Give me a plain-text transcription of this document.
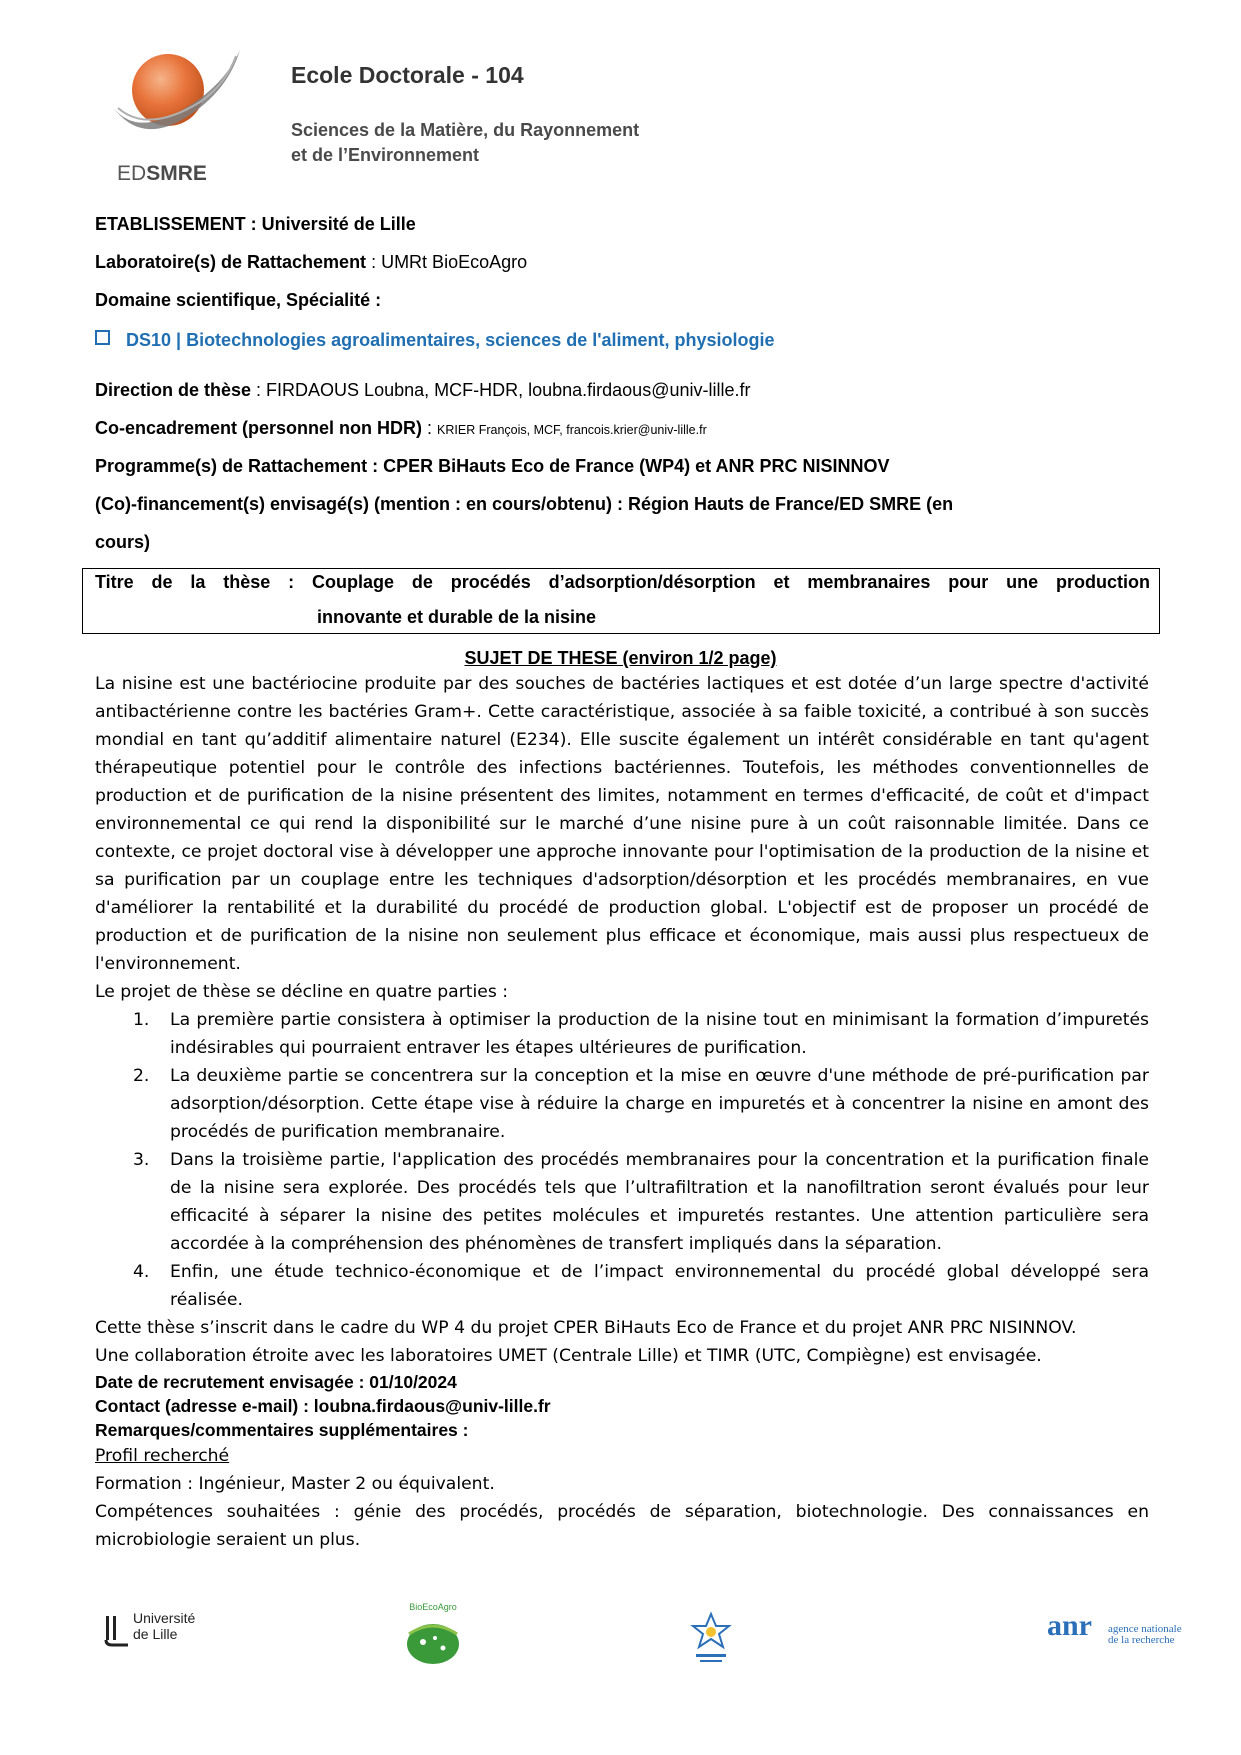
Ecole Doctorale - 104
Sciences de la Matière, du Rayonnement
et de l’Environnement
EDSMRE
ETABLISSEMENT : Université de Lille
Laboratoire(s) de Rattachement : UMRt BioEcoAgro
Domaine scientifique, Spécialité :
DS10 | Biotechnologies agroalimentaires, sciences de l'aliment, physiologie
Direction de thèse : FIRDAOUS Loubna, MCF-HDR, loubna.firdaous@univ-lille.fr
Co-encadrement (personnel non HDR) : KRIER François, MCF, francois.krier@univ-lille.fr
Programme(s) de Rattachement : CPER BiHauts Eco de France (WP4) et ANR PRC NISINNOV
(Co)-financement(s) envisagé(s) (mention : en cours/obtenu) : Région Hauts de France/ED SMRE (en
cours)
Titre de la thèse : Couplage de procédés d’adsorption/désorption et membranaires pour une production
innovante et durable de la nisine
SUJET DE THESE (environ 1/2 page)

La nisine est une bactériocine produite par des souches de bactéries lactiques et est dotée d’un large spectre d'activité antibactérienne contre les bactéries Gram+. Cette caractéristique, associée à sa faible toxicité, a contribué à son succès mondial en tant qu’additif alimentaire naturel (E234). Elle suscite également un intérêt considérable en tant qu'agent thérapeutique potentiel pour le contrôle des infections bactériennes. Toutefois, les méthodes conventionnelles de production et de purification de la nisine présentent des limites, notamment en termes d'efficacité, de coût et d'impact environnemental ce qui rend la disponibilité sur le marché d’une nisine pure à un coût raisonnable limitée. Dans ce contexte, ce projet doctoral vise à développer une approche innovante pour l'optimisation de la production de la nisine et sa purification par un couplage entre les techniques d'adsorption/désorption et les procédés membranaires, en vue d'améliorer la rentabilité et la durabilité du procédé de production global. L'objectif est de proposer un procédé de production et de purification de la nisine non seulement plus efficace et économique, mais aussi plus respectueux de l'environnement.

Le projet de thèse se décline en quatre parties :

1. La première partie consistera à optimiser la production de la nisine tout en minimisant la formation d’impuretés indésirables qui pourraient entraver les étapes ultérieures de purification.
2. La deuxième partie se concentrera sur la conception et la mise en œuvre d'une méthode de pré-purification par adsorption/désorption. Cette étape vise à réduire la charge en impuretés et à concentrer la nisine en amont des procédés de purification membranaire.
3. Dans la troisième partie, l'application des procédés membranaires pour la concentration et la purification finale de la nisine sera explorée. Des procédés tels que l’ultrafiltration et la nanofiltration seront évalués pour leur efficacité à séparer la nisine des petites molécules et impuretés restantes. Une attention particulière sera accordée à la compréhension des phénomènes de transfert impliqués dans la séparation.
4. Enfin, une étude technico-économique et de l’impact environnemental du procédé global développé sera réalisée.

Cette thèse s’inscrit dans le cadre du WP 4 du projet CPER BiHauts Eco de France et du projet ANR PRC NISINNOV.

Une collaboration étroite avec les laboratoires UMET (Centrale Lille) et TIMR (UTC, Compiègne) est envisagée.

Date de recrutement envisagée : 01/10/2024
Contact (adresse e-mail) : loubna.firdaous@univ-lille.fr
Remarques/commentaires supplémentaires :

Profil recherché

Formation : Ingénieur, Master 2 ou équivalent.

Compétences souhaitées : génie des procédés, procédés de séparation, biotechnologie. Des connaissances en microbiologie seraient un plus.

Université
de Lille
BioEcoAgro
anr agence nationale
de la recherche
